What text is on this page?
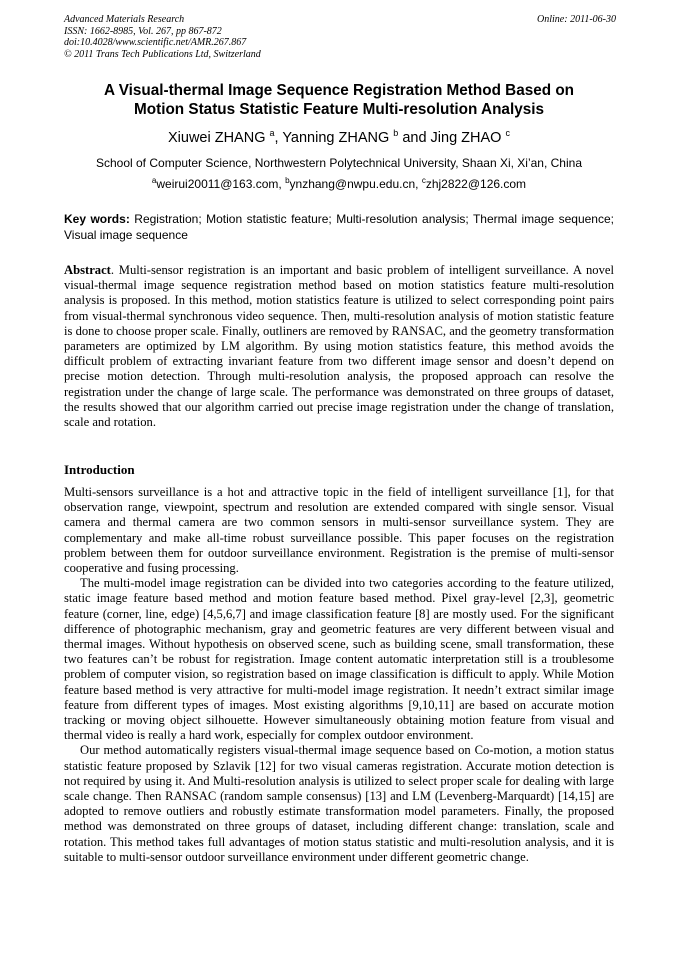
Advanced Materials Research
ISSN: 1662-8985, Vol. 267, pp 867-872
doi:10.4028/www.scientific.net/AMR.267.867
© 2011 Trans Tech Publications Ltd, Switzerland
Online: 2011-06-30
A Visual-thermal Image Sequence Registration Method Based on
Motion Status Statistic Feature Multi-resolution Analysis
Xiuwei ZHANG $^a$, Yanning ZHANG $^b$ and Jing ZHAO $^c$
School of Computer Science, Northwestern Polytechnical University, Shaan Xi, Xi’an, China
$^a$weirui20011@163.com, $^b$ynzhang@nwpu.edu.cn, $^c$zhj2822@126.com
Key words: Registration; Motion statistic feature; Multi-resolution analysis; Thermal image sequence; Visual image sequence
Abstract. Multi-sensor registration is an important and basic problem of intelligent surveillance. A novel visual-thermal image sequence registration method based on motion statistics feature multi-resolution analysis is proposed. In this method, motion statistics feature is utilized to select corresponding point pairs from visual-thermal synchronous video sequence. Then, multi-resolution analysis of motion statistic feature is done to choose proper scale. Finally, outliners are removed by RANSAC, and the geometry transformation parameters are optimized by LM algorithm. By using motion statistics feature, this method avoids the difficult problem of extracting invariant feature from two different image sensor and doesn’t depend on precise motion detection. Through multi-resolution analysis, the proposed approach can resolve the registration under the change of large scale. The performance was demonstrated on three groups of dataset, the results showed that our algorithm carried out precise image registration under the change of translation, scale and rotation.
Introduction

Multi-sensors surveillance is a hot and attractive topic in the field of intelligent surveillance [1], for that observation range, viewpoint, spectrum and resolution are extended compared with single sensor. Visual camera and thermal camera are two common sensors in multi-sensor surveillance system. They are complementary and make all-time robust surveillance possible. This paper focuses on the registration problem between them for outdoor surveillance environment. Registration is the premise of multi-sensor cooperative and fusing processing.

The multi-model image registration can be divided into two categories according to the feature utilized, static image feature based method and motion feature based method. Pixel gray-level [2,3], geometric feature (corner, line, edge) [4,5,6,7] and image classification feature [8] are mostly used. For the significant difference of photographic mechanism, gray and geometric features are very different between visual and thermal images. Without hypothesis on observed scene, such as building scene, small transformation, these two features can’t be robust for registration. Image content automatic interpretation still is a troublesome problem of computer vision, so registration based on image classification is difficult to apply. While Motion feature based method is very attractive for multi-model image registration. It needn’t extract similar image feature from different types of images. Most existing algorithms [9,10,11] are based on accurate motion tracking or moving object silhouette. However simultaneously obtaining motion feature from visual and thermal video is really a hard work, especially for complex outdoor environment.

Our method automatically registers visual-thermal image sequence based on Co-motion, a motion status statistic feature proposed by Szlavik [12] for two visual cameras registration. Accurate motion detection is not required by using it. And Multi-resolution analysis is utilized to select proper scale for dealing with large scale change. Then RANSAC (random sample consensus) [13] and LM (Levenberg-Marquardt) [14,15] are adopted to remove outliers and robustly estimate transformation model parameters. Finally, the proposed method was demonstrated on three groups of dataset, including different change: translation, scale and rotation. This method takes full advantages of motion status statistic and multi-resolution analysis, and it is suitable to multi-sensor outdoor surveillance environment under different geometric change.
